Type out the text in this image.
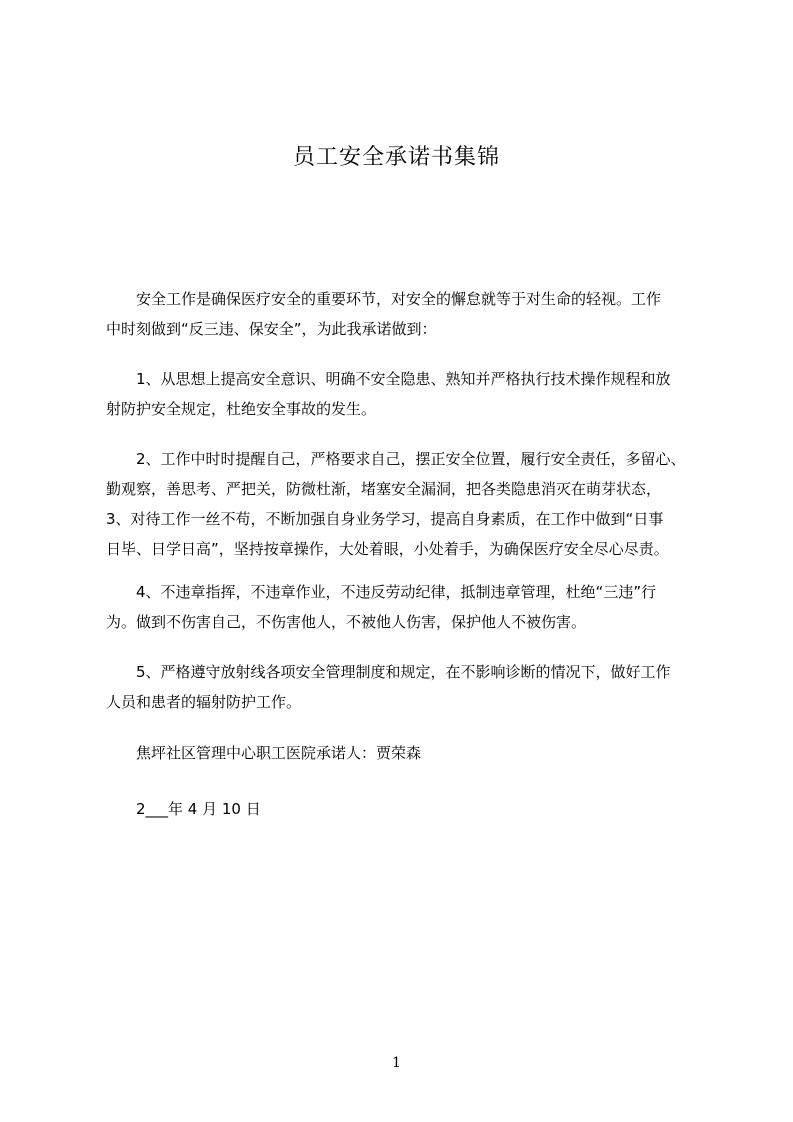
员工安全承诺书集锦
安全工作是确保医疗安全的重要环节，对安全的懈怠就等于对生命的轻视。工作
中时刻做到“反三违、保安全”，为此我承诺做到：
1、从思想上提高安全意识、明确不安全隐患、熟知并严格执行技术操作规程和放
射防护安全规定，杜绝安全事故的发生。
2、工作中时时提醒自己，严格要求自己，摆正安全位置，履行安全责任，多留心、
勤观察，善思考、严把关，防微杜渐，堵塞安全漏洞，把各类隐患消灭在萌芽状态，
3、对待工作一丝不苟，不断加强自身业务学习，提高自身素质，在工作中做到“日事
日毕、日学日高”，坚持按章操作，大处着眼，小处着手，为确保医疗安全尽心尽责。
4、不违章指挥，不违章作业，不违反劳动纪律，抵制违章管理，杜绝“三违”行
为。做到不伤害自己，不伤害他人，不被他人伤害，保护他人不被伤害。
5、严格遵守放射线各项安全管理制度和规定，在不影响诊断的情况下，做好工作
人员和患者的辐射防护工作。
焦坪社区管理中心职工医院承诺人：贾荣森
2___年 4 月 10 日
1
